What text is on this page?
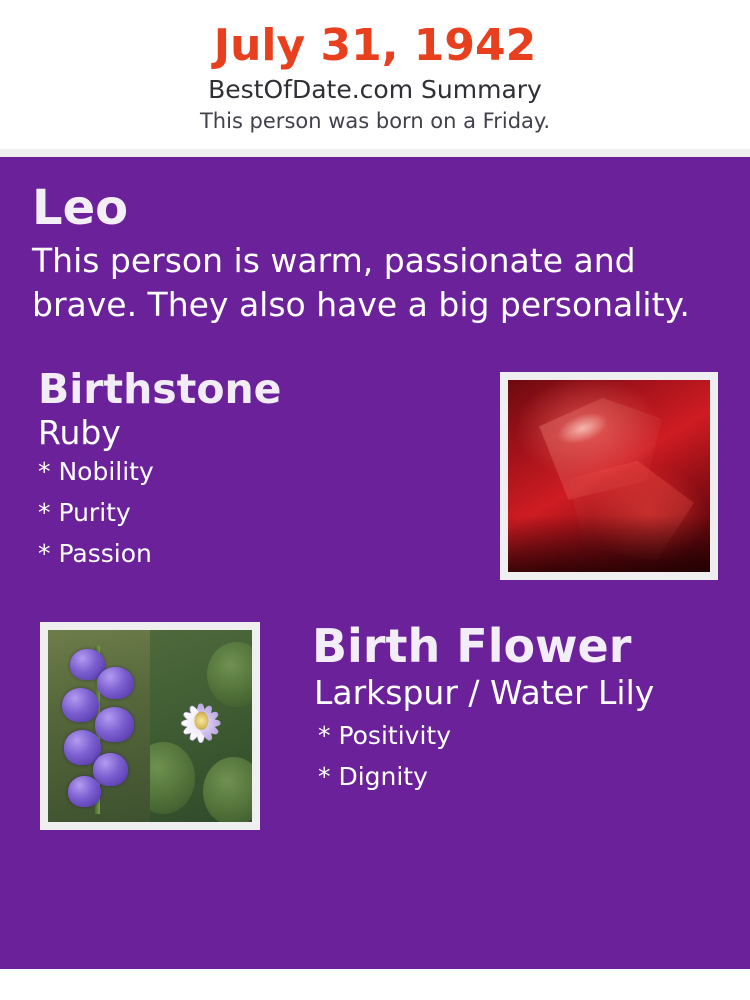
July 31, 1942
BestOfDate.com Summary
This person was born on a Friday.
Leo
This person is warm, passionate and brave. They also have a big personality.
Birthstone
Ruby
* Nobility
* Purity
* Passion
Birth Flower
Larkspur / Water Lily
* Positivity
* Dignity
